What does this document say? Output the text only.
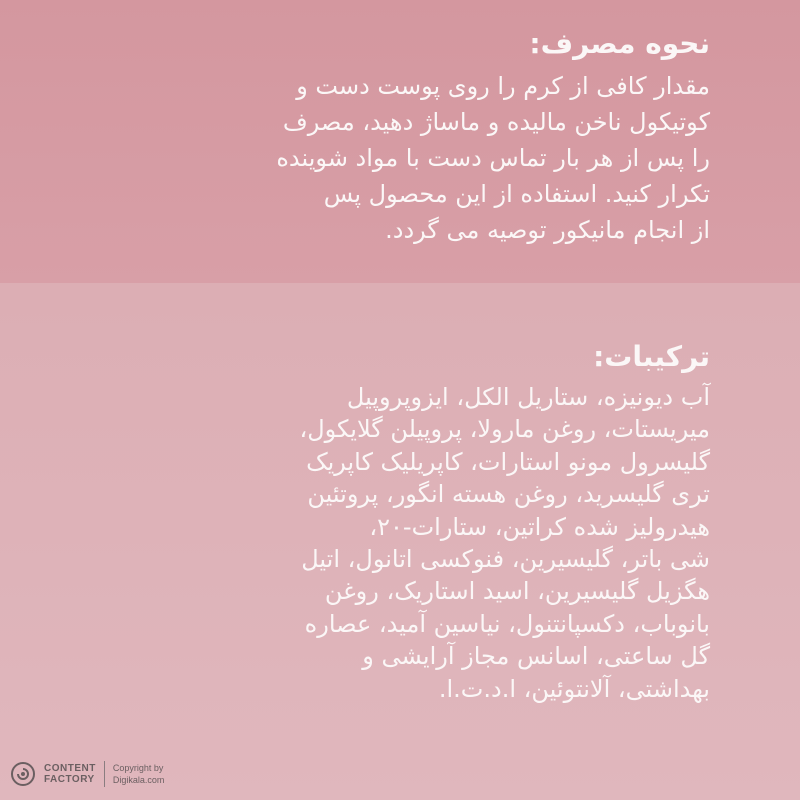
نحوه مصرف:
مقدار کافی از کرم را روی پوست دست و
کوتیکول ناخن مالیده و ماساژ دهید، مصرف
را پس از هر بار تماس دست با مواد شوینده
تکرار کنید. استفاده از این محصول پس
از انجام مانیکور توصیه می گردد.
ترکیبات:
آب دیونیزه، ستاریل الکل، ایزوپروپیل
میریستات، روغن مارولا، پروپیلن گلایکول،
گلیسرول مونو استارات، کاپریلیک کاپریک
تری گلیسرید، روغن هسته انگور، پروتئین
هیدرولیز شده کراتین، ستارات-۲۰،
شی باتر، گلیسیرین، فنوکسی اتانول، اتیل
هگزیل گلیسیرین، اسید استاریک، روغن
بانوباب، دکسپانتنول، نیاسین آمید، عصاره
گل ساعتی، اسانس مجاز آرایشی و
بهداشتی، آلانتوئین، ا.د.ت.ا.
CONTENT
FACTORY
Copyright by
Digikala.com
